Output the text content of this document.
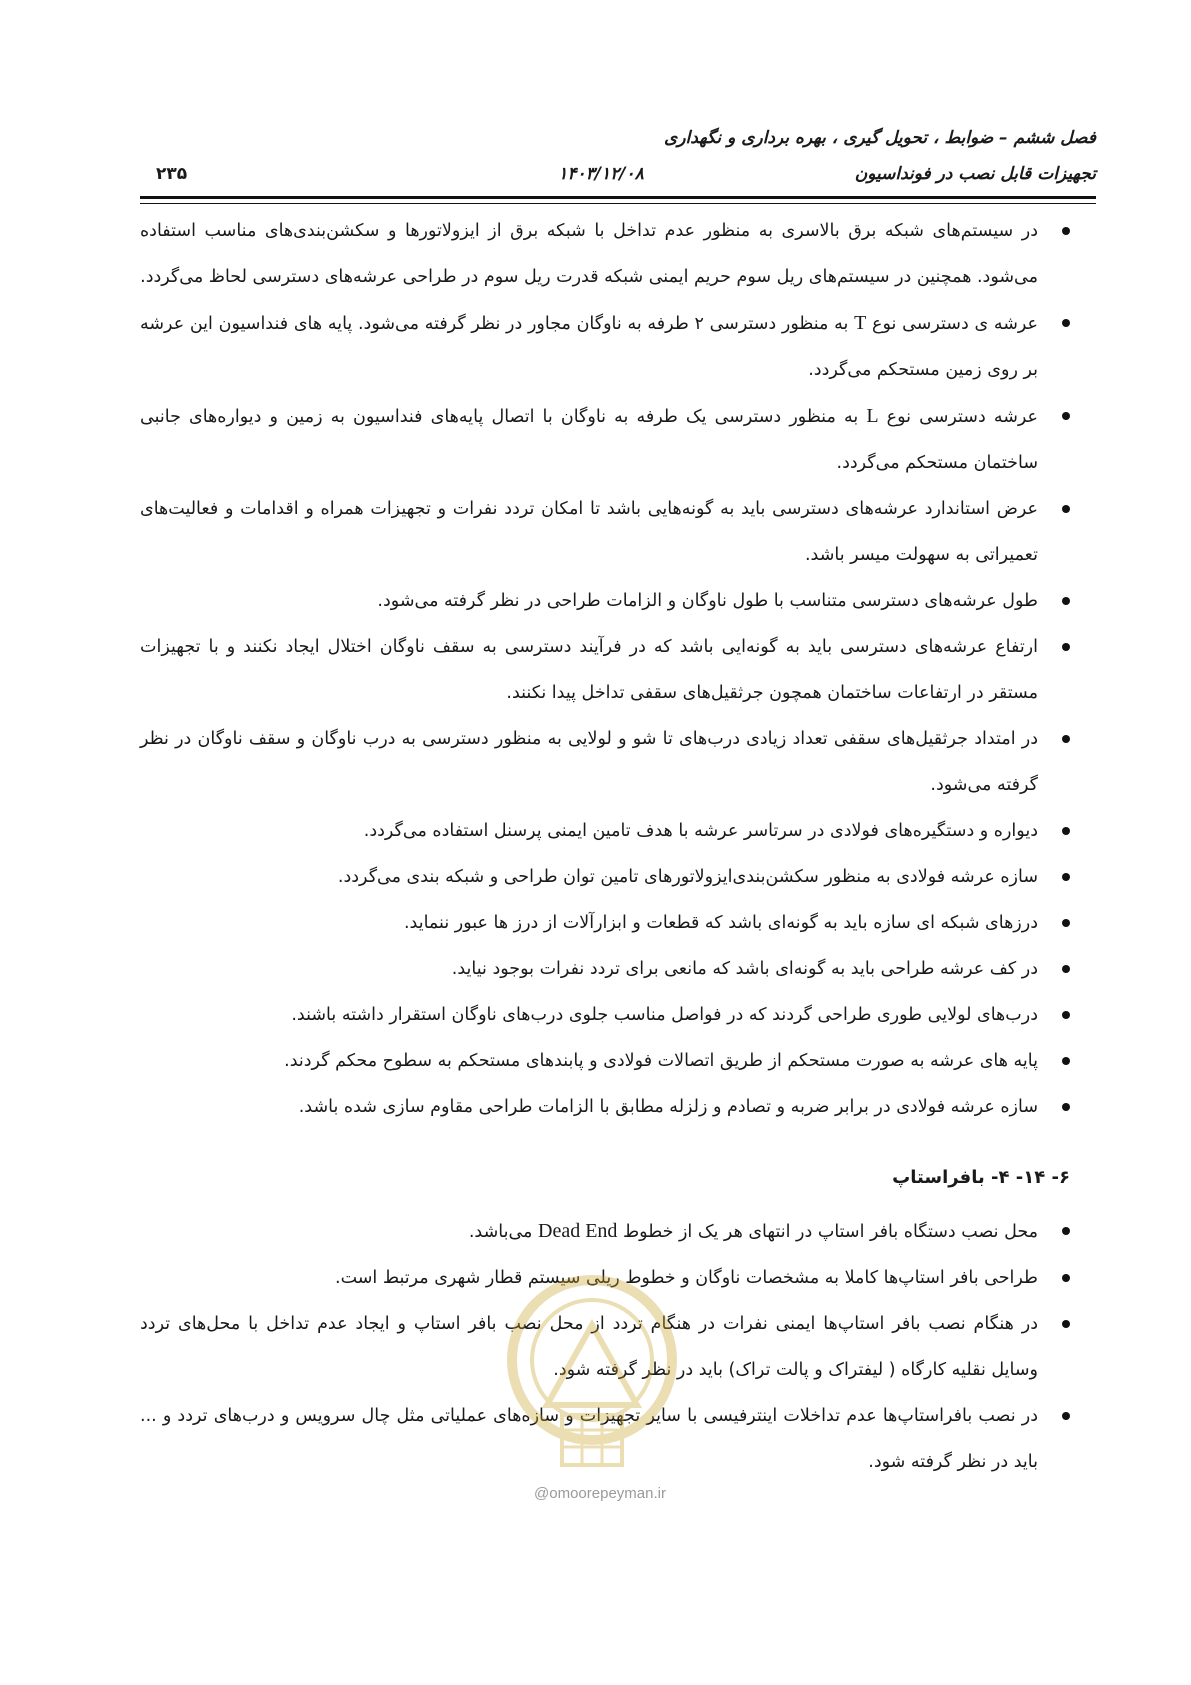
فصل ششم – ضوابط ، تحویل گیری ، بهره برداری و نگهداری
تجهیزات قابل نصب در فونداسیون
۱۴۰۳/۱۲/۰۸
۲۳۵
در سیستم‌های شبکه برق بالاسری به منظور عدم تداخل با شبکه برق از ایزولاتورها و سکشن‌بندی‌های مناسب استفاده می‌شود. همچنین در سیستم‌های ریل سوم حریم ایمنی شبکه قدرت ریل سوم در طراحی عرشه‌های دسترسی لحاظ می‌گردد.
عرشه ی دسترسی نوع T به منظور دسترسی ۲ طرفه به ناوگان مجاور در نظر گرفته می‌شود. پایه های فنداسیون این عرشه بر روی زمین مستحکم می‌گردد.
عرشه دسترسی نوع L به منظور دسترسی یک طرفه به ناوگان با اتصال پایه‌های فنداسیون به زمین و دیواره‌های جانبی ساختمان مستحکم می‌گردد.
عرض استاندارد عرشه‌های دسترسی باید به گونه‌هایی باشد تا امکان تردد نفرات و تجهیزات همراه و اقدامات و فعالیت‌های تعمیراتی به سهولت میسر باشد.
طول عرشه‌های دسترسی متناسب با طول ناوگان و الزامات طراحی در نظر گرفته می‌شود.
ارتفاع عرشه‌های دسترسی باید به گونه‌ایی باشد که در فرآیند دسترسی به سقف ناوگان اختلال ایجاد نکنند و با تجهیزات مستقر در ارتفاعات ساختمان همچون جرثقیل‌های سقفی تداخل پیدا نکنند.
در امتداد جرثقیل‌های سقفی تعداد زیادی درب‌های تا شو و لولایی به منظور دسترسی به درب ناوگان و سقف ناوگان در نظر گرفته می‌شود.
دیواره و دستگیره‌های فولادی در سرتاسر عرشه با هدف تامین ایمنی پرسنل استفاده می‌گردد.
سازه عرشه فولادی به منظور سکشن‌بندی‌ایزولاتورهای تامین توان طراحی و شبکه بندی می‌گردد.
درزهای شبکه ای سازه باید به گونه‌ای باشد که قطعات و ابزارآلات از درز ها عبور ننماید.
در کف عرشه طراحی باید به گونه‌ای باشد که مانعی برای تردد نفرات بوجود نیاید.
درب‌های لولایی طوری طراحی گردند که در فواصل مناسب جلوی درب‌های ناوگان استقرار داشته باشند.
پایه های عرشه به صورت مستحکم از طریق اتصالات فولادی و پابندهای مستحکم به سطوح محکم گردند.
سازه عرشه فولادی در برابر ضربه و تصادم و زلزله مطابق با الزامات طراحی مقاوم سازی شده باشد.
۶- ۱۴- ۴- بافراستاپ
محل نصب دستگاه بافر استاپ در انتهای هر یک از خطوط Dead End می‌باشد.
طراحی بافر استاپ‌ها کاملا به مشخصات ناوگان و خطوط ریلی سیستم قطار شهری مرتبط است.
در هنگام نصب بافر استاپ‌ها ایمنی نفرات در هنگام تردد از محل نصب بافر استاپ و ایجاد عدم تداخل با محل‌های تردد وسایل نقلیه کارگاه ( لیفتراک و پالت تراک) باید در نظر گرفته شود.
در نصب بافراستاپ‌ها عدم تداخلات اینترفیسی با سایر تجهیزات و سازه‌های عملیاتی مثل چال سرویس و درب‌های تردد و ... باید در نظر گرفته شود.
@omoorepeyman.ir
